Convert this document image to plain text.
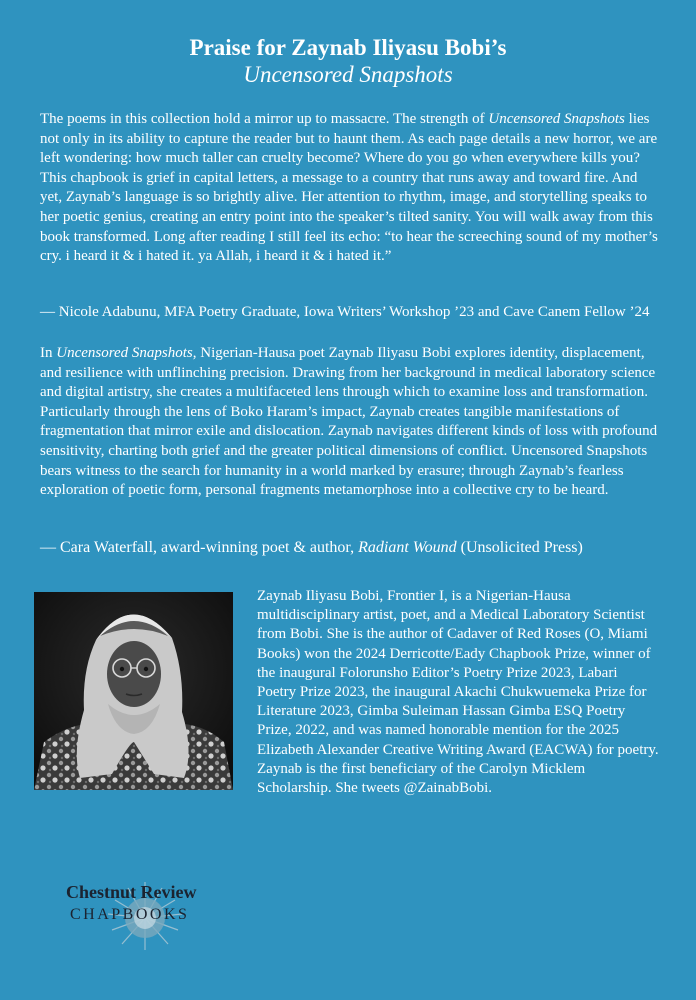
Praise for Zaynab Iliyasu Bobi’s
Uncensored Snapshots

The poems in this collection hold a mirror up to massacre. The strength of Uncensored Snapshots lies not only in its ability to capture the reader but to haunt them. As each page details a new horror, we are left wondering: how much taller can cruelty become? Where do you go when everywhere kills you? This chapbook is grief in capital letters, a message to a country that runs away and toward fire. And yet, Zaynab’s language is so brightly alive. Her attention to rhythm, image, and storytelling speaks to her poetic genius, creating an entry point into the speaker’s tilted sanity. You will walk away from this book transformed. Long after reading I still feel its echo: “to hear the screeching sound of my mother’s cry. i heard it & i hated it. ya Allah, i heard it & i hated it.”

— Nicole Adabunu, MFA Poetry Graduate, Iowa Writers’ Workshop ’23 and Cave Canem Fellow ’24

In Uncensored Snapshots, Nigerian-Hausa poet Zaynab Iliyasu Bobi explores identity, displacement, and resilience with unflinching precision. Drawing from her background in medical laboratory science and digital artistry, she creates a multifaceted lens through which to examine loss and transformation. Particularly through the lens of Boko Haram’s impact, Zaynab creates tangible manifestations of fragmentation that mirror exile and dislocation. Zaynab navigates different kinds of loss with profound sensitivity, charting both grief and the greater political dimensions of conflict. Uncensored Snapshots bears witness to the search for humanity in a world marked by erasure; through Zaynab’s fearless exploration of poetic form, personal fragments metamorphose into a collective cry to be heard.

— Cara Waterfall, award-winning poet & author, Radiant Wound (Unsolicited Press)

Zaynab Iliyasu Bobi, Frontier I, is a Nigerian-Hausa multidisciplinary artist, poet, and a Medical Laboratory Scientist from Bobi. She is the author of Cadaver of Red Roses (O, Miami Books) won the 2024 Derricotte/Eady Chapbook Prize, winner of the inaugural Folorunsho Editor’s Poetry Prize 2023, Labari Poetry Prize 2023, the inaugural Akachi Chukwuemeka Prize for Literature 2023, Gimba Suleiman Hassan Gimba ESQ Poetry Prize, 2022, and was named honorable mention for the 2025 Elizabeth Alexander Creative Writing Award (EACWA) for poetry. Zaynab is the first beneficiary of the Carolyn Micklem Scholarship. She tweets @ZainabBobi.

Chestnut Review
CHAPBOOKS
